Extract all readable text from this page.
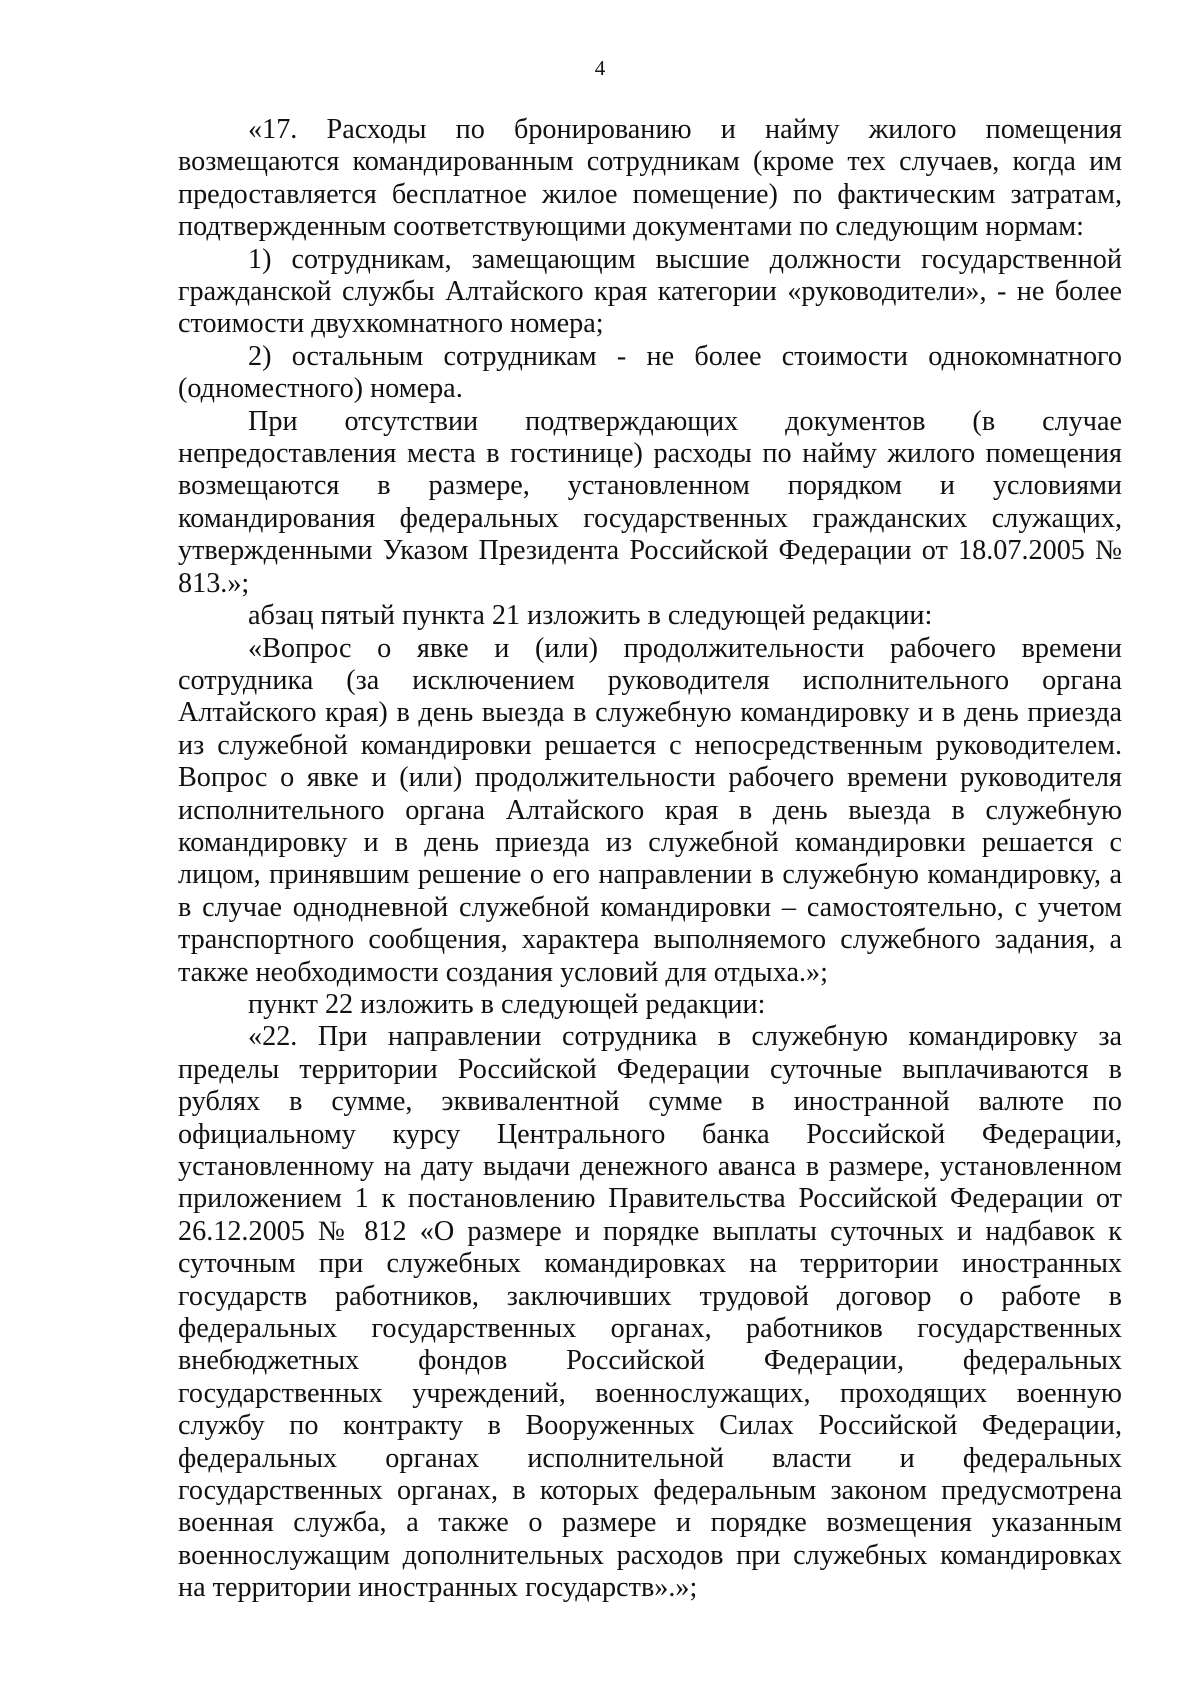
4

«17. Расходы по бронированию и найму жилого помещения возмещаются командированным сотрудникам (кроме тех случаев, когда им предоставляется бесплатное жилое помещение) по фактическим затратам, подтвержденным соответствующими документами по следующим нормам:

1) сотрудникам, замещающим высшие должности государственной гражданской службы Алтайского края категории «руководители», - не более стоимости двухкомнатного номера;

2) остальным сотрудникам - не более стоимости однокомнатного (одноместного) номера.

При отсутствии подтверждающих документов (в случае непредоставления места в гостинице) расходы по найму жилого помещения возмещаются в размере, установленном порядком и условиями командирования федеральных государственных гражданских служащих, утвержденными Указом Президента Российской Федерации от 18.07.2005 № 813.»;

абзац пятый пункта 21 изложить в следующей редакции:

«Вопрос о явке и (или) продолжительности рабочего времени сотрудника (за исключением руководителя исполнительного органа Алтайского края) в день выезда в служебную командировку и в день приезда из служебной командировки решается с непосредственным руководителем. Вопрос о явке и (или) продолжительности рабочего времени руководителя исполнительного органа Алтайского края в день выезда в служебную командировку и в день приезда из служебной командировки решается с лицом, принявшим решение о его направлении в служебную командировку, а в случае однодневной служебной командировки – самостоятельно, с учетом транспортного сообщения, характера выполняемого служебного задания, а также необходимости создания условий для отдыха.»;

пункт 22 изложить в следующей редакции:

«22. При направлении сотрудника в служебную командировку за пределы территории Российской Федерации суточные выплачиваются в рублях в сумме, эквивалентной сумме в иностранной валюте по официальному курсу Центрального банка Российской Федерации, установленному на дату выдачи денежного аванса в размере, установленном приложением 1 к постановлению Правительства Российской Федерации от 26.12.2005 № 812 «О размере и порядке выплаты суточных и надбавок к суточным при служебных командировках на территории иностранных государств работников, заключивших трудовой договор о работе в федеральных государственных органах, работников государственных внебюджетных фондов Российской Федерации, федеральных государственных учреждений, военнослужащих, проходящих военную службу по контракту в Вооруженных Силах Российской Федерации, федеральных органах исполнительной власти и федеральных государственных органах, в которых федеральным законом предусмотрена военная служба, а также о размере и порядке возмещения указанным военнослужащим дополнительных расходов при служебных командировках на территории иностранных государств».»;
